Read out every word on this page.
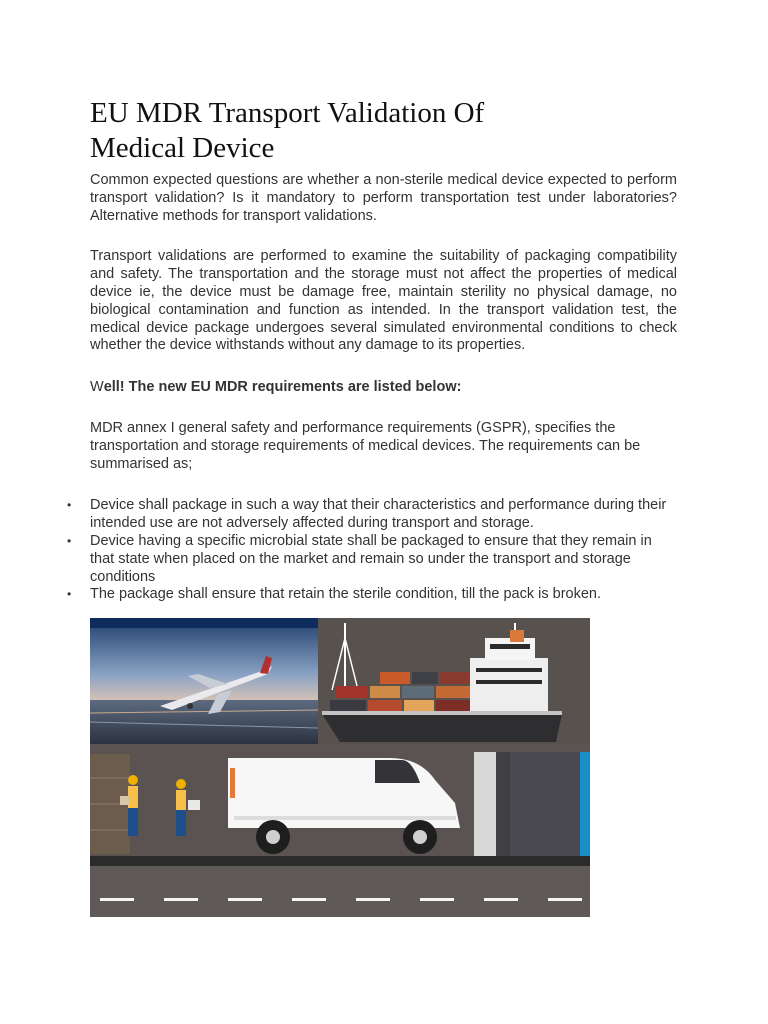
EU MDR Transport Validation Of
Medical Device

Common expected questions are whether a non-sterile medical device expected to perform transport validation? Is it mandatory to perform transportation test under laboratories? Alternative methods for transport validations.

Transport validations are performed to examine the suitability of packaging compatibility and safety. The transportation and the storage must not affect the properties of medical device ie, the device must be damage free, maintain sterility no physical damage, no biological contamination and function as intended. In the transport validation test, the medical device package undergoes several simulated environmental conditions to check whether the device withstands without any damage to its properties.

Well! The new EU MDR requirements are listed below:

MDR annex I general safety and performance requirements (GSPR), specifies the transportation and storage requirements of medical devices. The requirements can be summarised as;

• Device shall package in such a way that their characteristics and performance during their intended use are not adversely affected during transport and storage.
• Device having a specific microbial state shall be packaged to ensure that they remain in that state when placed on the market and remain so under the transport and storage conditions
• The package shall ensure that retain the sterile condition, till the pack is broken.
